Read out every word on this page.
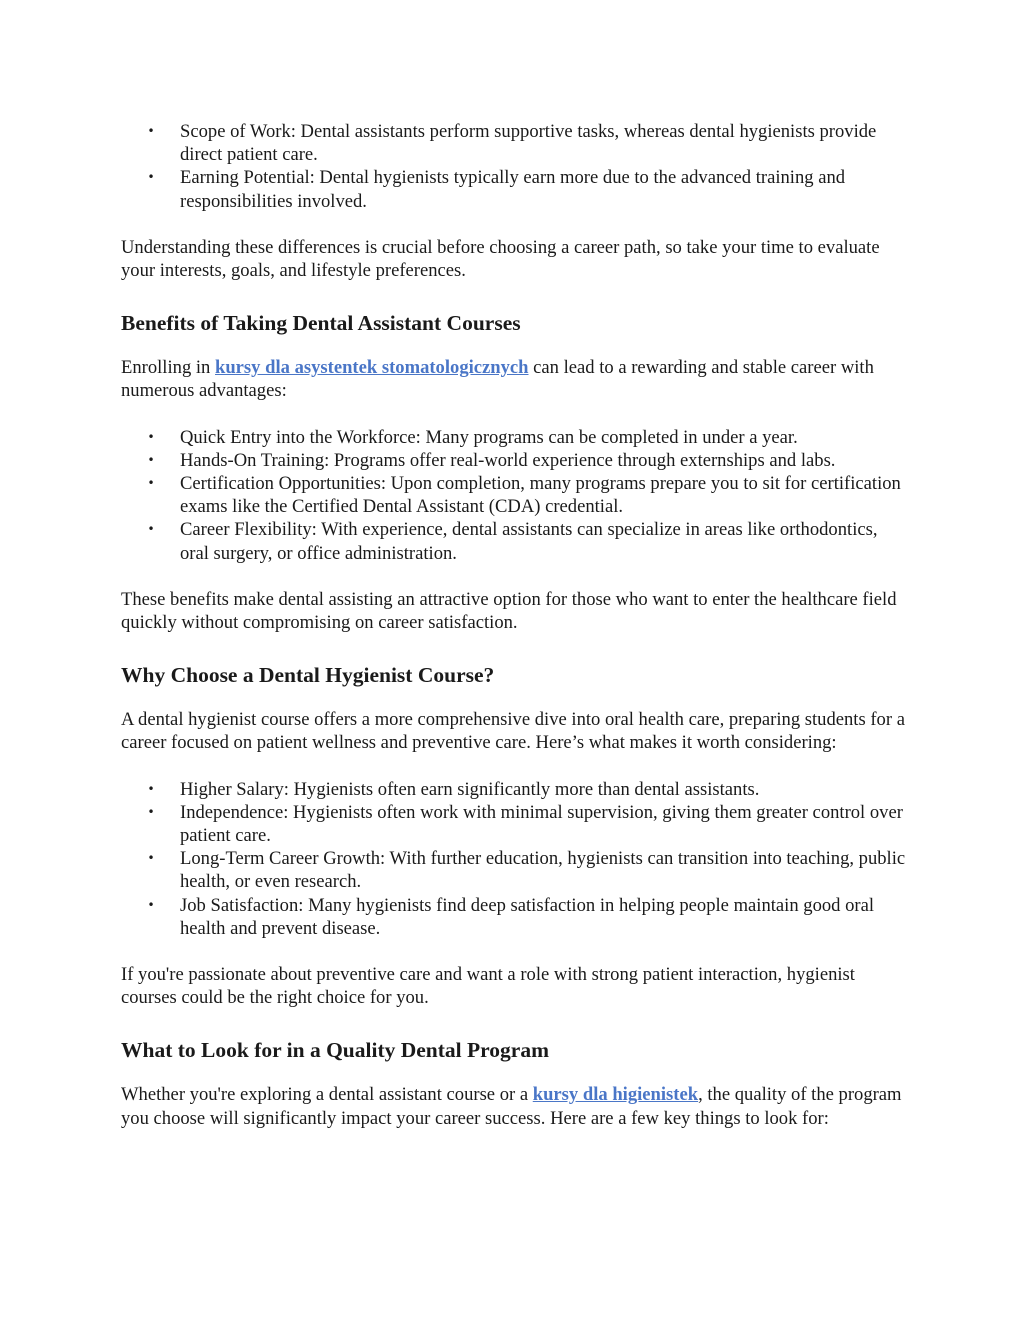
• Scope of Work: Dental assistants perform supportive tasks, whereas dental hygienists provide direct patient care.
• Earning Potential: Dental hygienists typically earn more due to the advanced training and responsibilities involved.

Understanding these differences is crucial before choosing a career path, so take your time to evaluate your interests, goals, and lifestyle preferences.

Benefits of Taking Dental Assistant Courses

Enrolling in kursy dla asystentek stomatologicznych can lead to a rewarding and stable career with numerous advantages:

• Quick Entry into the Workforce: Many programs can be completed in under a year.
• Hands-On Training: Programs offer real-world experience through externships and labs.
• Certification Opportunities: Upon completion, many programs prepare you to sit for certification exams like the Certified Dental Assistant (CDA) credential.
• Career Flexibility: With experience, dental assistants can specialize in areas like orthodontics, oral surgery, or office administration.

These benefits make dental assisting an attractive option for those who want to enter the healthcare field quickly without compromising on career satisfaction.

Why Choose a Dental Hygienist Course?

A dental hygienist course offers a more comprehensive dive into oral health care, preparing students for a career focused on patient wellness and preventive care. Here’s what makes it worth considering:

• Higher Salary: Hygienists often earn significantly more than dental assistants.
• Independence: Hygienists often work with minimal supervision, giving them greater control over patient care.
• Long-Term Career Growth: With further education, hygienists can transition into teaching, public health, or even research.
• Job Satisfaction: Many hygienists find deep satisfaction in helping people maintain good oral health and prevent disease.

If you're passionate about preventive care and want a role with strong patient interaction, hygienist courses could be the right choice for you.

What to Look for in a Quality Dental Program

Whether you're exploring a dental assistant course or a kursy dla higienistek, the quality of the program you choose will significantly impact your career success. Here are a few key things to look for:
